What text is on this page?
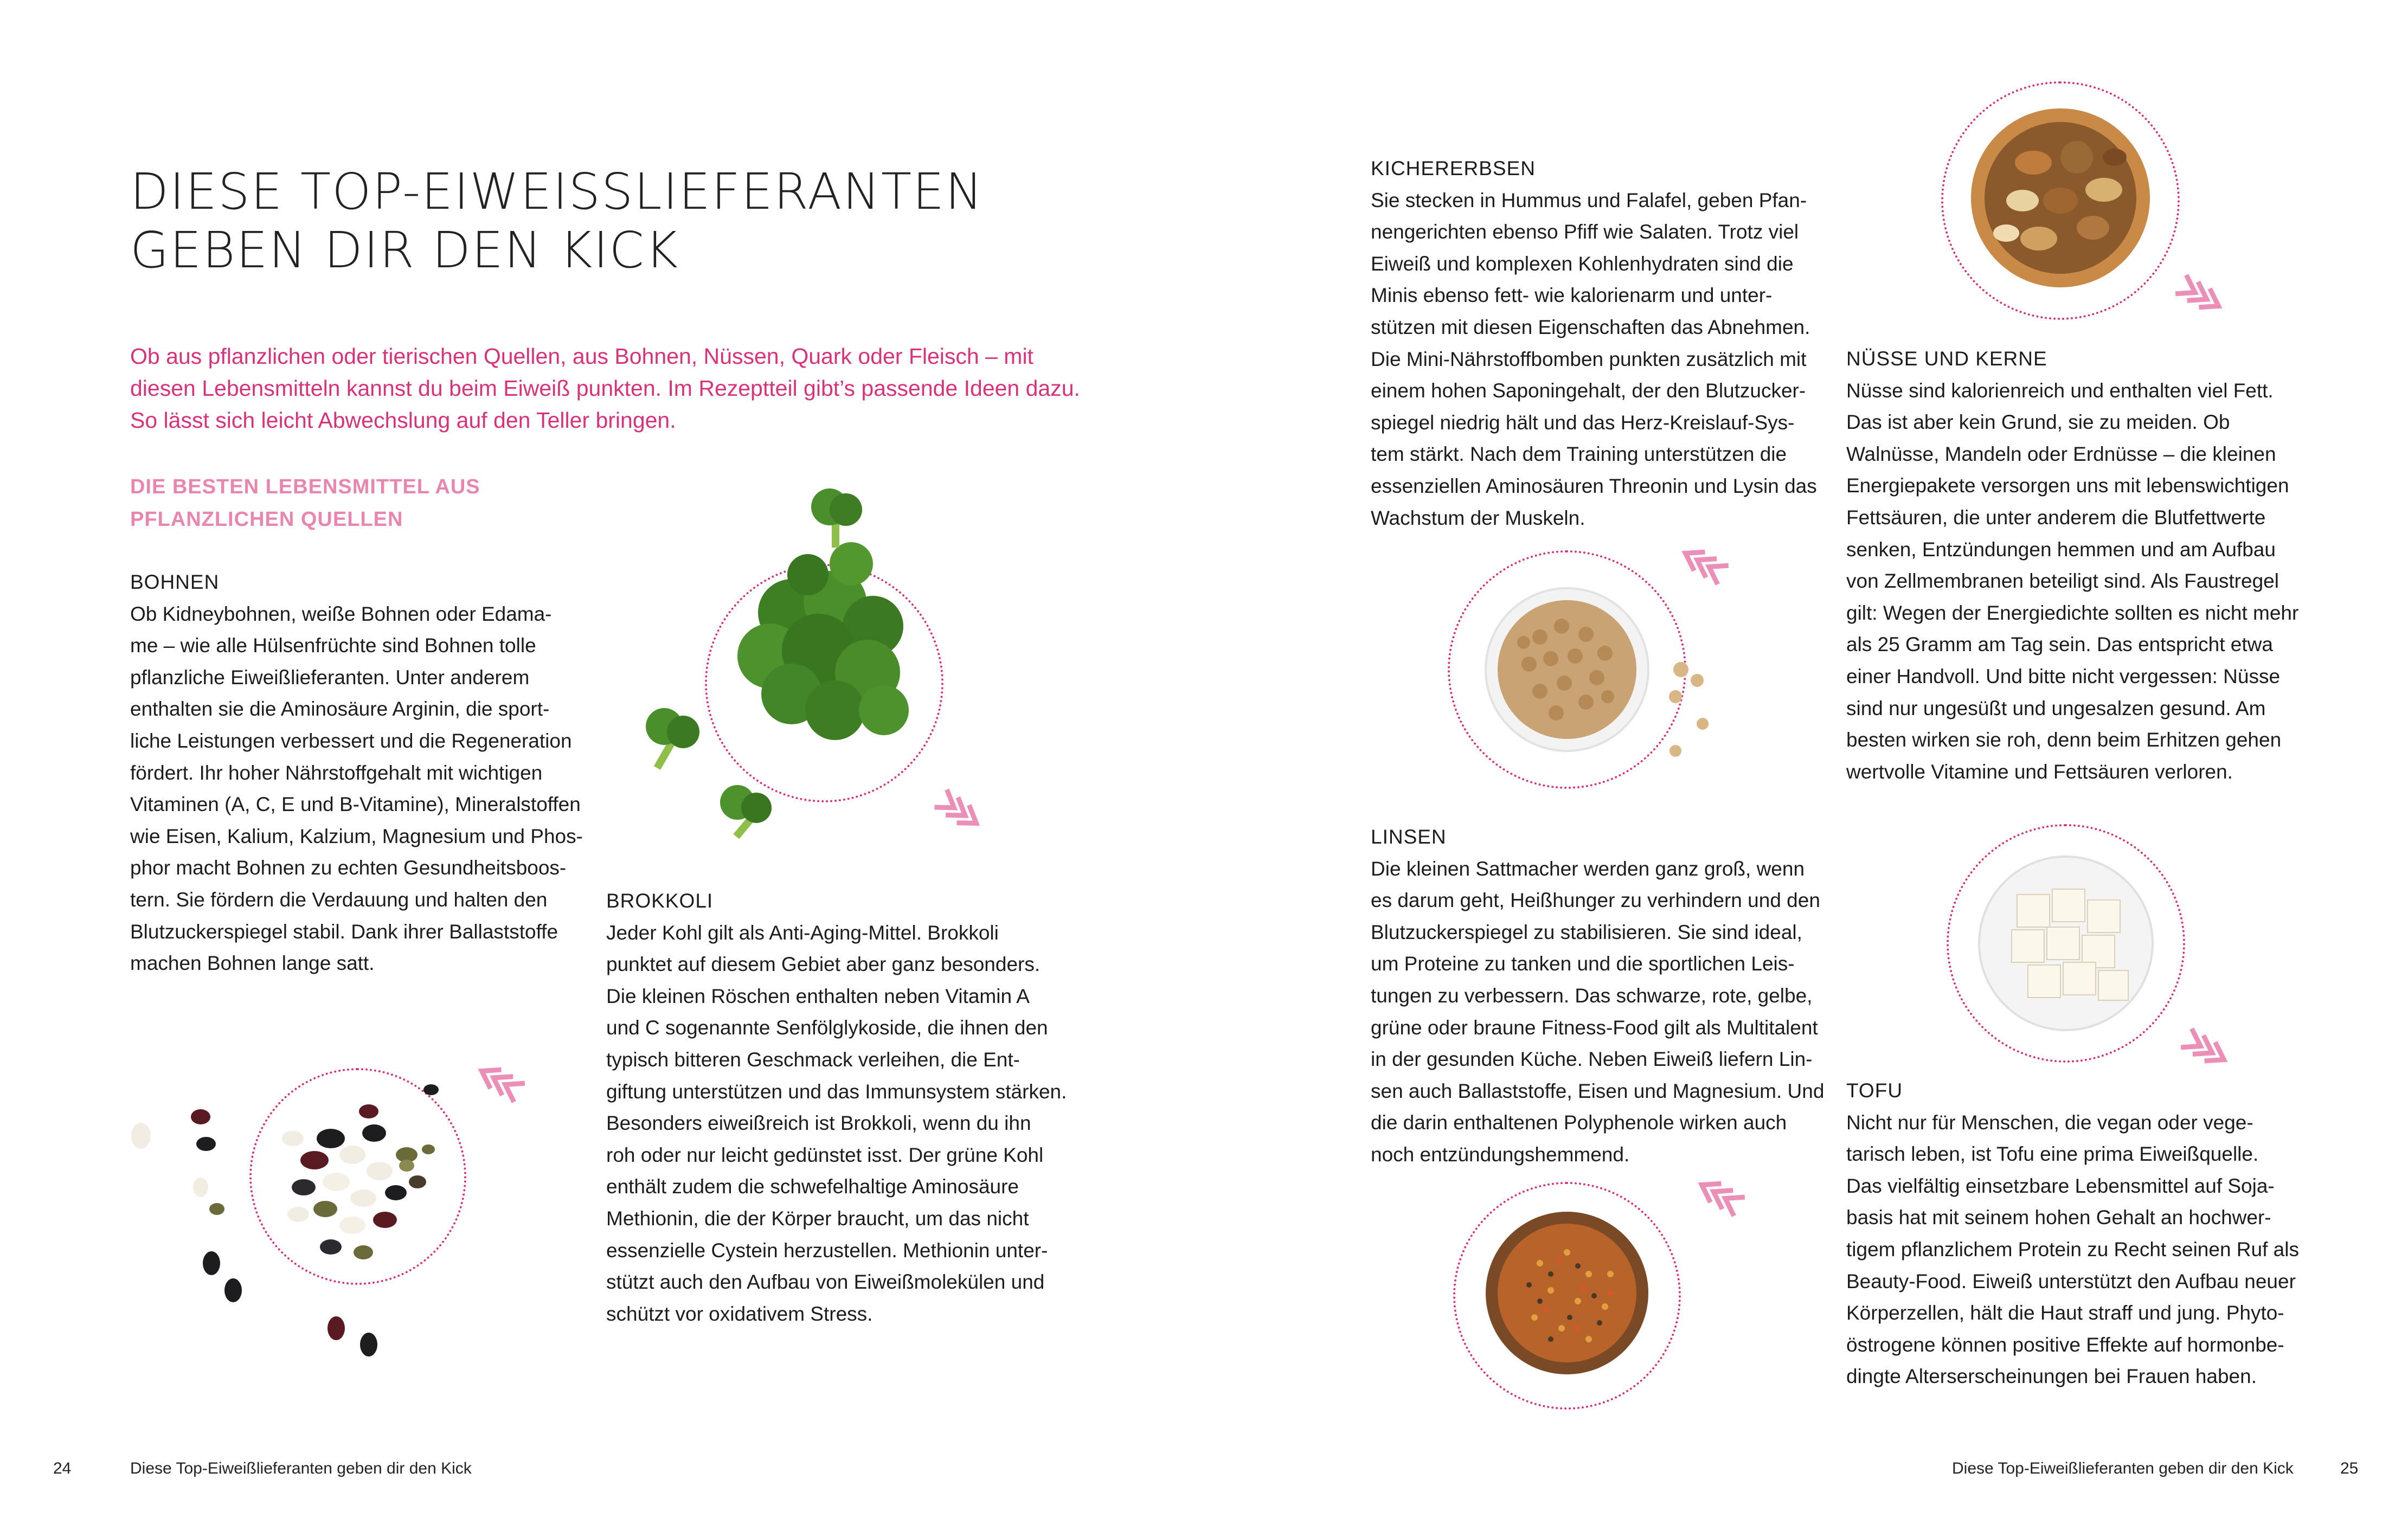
DIESE TOP-EIWEISSLIEFERANTEN
GEBEN DIR DEN KICK
Ob aus pflanzlichen oder tierischen Quellen, aus Bohnen, Nüssen, Quark oder Fleisch – mit
diesen Lebensmitteln kannst du beim Eiweiß punkten. Im Rezeptteil gibt’s passende Ideen dazu.
So lässt sich leicht Abwechslung auf den Teller bringen.
DIE BESTEN LEBENSMITTEL AUS
PFLANZLICHEN QUELLEN
BOHNEN
Ob Kidneybohnen, weiße Bohnen oder Edama-
me – wie alle Hülsenfrüchte sind Bohnen tolle
pflanzliche Eiweißlieferanten. Unter anderem
enthalten sie die Aminosäure Arginin, die sport-
liche Leistungen verbessert und die Regeneration
fördert. Ihr hoher Nährstoffgehalt mit wichtigen
Vitaminen (A, C, E und B-Vitamine), Mineralstoffen
wie Eisen, Kalium, Kalzium, Magnesium und Phos-
phor macht Bohnen zu echten Gesundheitsboos-
tern. Sie fördern die Verdauung und halten den
Blutzuckerspiegel stabil. Dank ihrer Ballaststoffe
machen Bohnen lange satt.
BROKKOLI
Jeder Kohl gilt als Anti-Aging-Mittel. Brokkoli
punktet auf diesem Gebiet aber ganz besonders.
Die kleinen Röschen enthalten neben Vitamin A
und C sogenannte Senfölglykoside, die ihnen den
typisch bitteren Geschmack verleihen, die Ent-
giftung unterstützen und das Immunsystem stärken.
Besonders eiweißreich ist Brokkoli, wenn du ihn
roh oder nur leicht gedünstet isst. Der grüne Kohl
enthält zudem die schwefelhaltige Aminosäure
Methionin, die der Körper braucht, um das nicht
essenzielle Cystein herzustellen. Methionin unter-
stützt auch den Aufbau von Eiweißmolekülen und
schützt vor oxidativem Stress.
KICHERERBSEN
Sie stecken in Hummus und Falafel, geben Pfan-
nengerichten ebenso Pfiff wie Salaten. Trotz viel
Eiweiß und komplexen Kohlenhydraten sind die
Minis ebenso fett- wie kalorienarm und unter-
stützen mit diesen Eigenschaften das Abnehmen.
Die Mini-Nährstoffbomben punkten zusätzlich mit
einem hohen Saponingehalt, der den Blutzucker-
spiegel niedrig hält und das Herz-Kreislauf-Sys-
tem stärkt. Nach dem Training unterstützen die
essenziellen Aminosäuren Threonin und Lysin das
Wachstum der Muskeln.
LINSEN
Die kleinen Sattmacher werden ganz groß, wenn
es darum geht, Heißhunger zu verhindern und den
Blutzuckerspiegel zu stabilisieren. Sie sind ideal,
um Proteine zu tanken und die sportlichen Leis-
tungen zu verbessern. Das schwarze, rote, gelbe,
grüne oder braune Fitness-Food gilt als Multitalent
in der gesunden Küche. Neben Eiweiß liefern Lin-
sen auch Ballaststoffe, Eisen und Magnesium. Und
die darin enthaltenen Polyphenole wirken auch
noch entzündungshemmend.
NÜSSE UND KERNE
Nüsse sind kalorienreich und enthalten viel Fett.
Das ist aber kein Grund, sie zu meiden. Ob
Walnüsse, Mandeln oder Erdnüsse – die kleinen
Energiepakete versorgen uns mit lebenswichtigen
Fettsäuren, die unter anderem die Blutfettwerte
senken, Entzündungen hemmen und am Aufbau
von Zellmembranen beteiligt sind. Als Faustregel
gilt: Wegen der Energiedichte sollten es nicht mehr
als 25 Gramm am Tag sein. Das entspricht etwa
einer Handvoll. Und bitte nicht vergessen: Nüsse
sind nur ungesüßt und ungesalzen gesund. Am
besten wirken sie roh, denn beim Erhitzen gehen
wertvolle Vitamine und Fettsäuren verloren.
TOFU
Nicht nur für Menschen, die vegan oder vege-
tarisch leben, ist Tofu eine prima Eiweißquelle.
Das vielfältig einsetzbare Lebensmittel auf Soja-
basis hat mit seinem hohen Gehalt an hochwer-
tigem pflanzlichem Protein zu Recht seinen Ruf als
Beauty-Food. Eiweiß unterstützt den Aufbau neuer
Körperzellen, hält die Haut straff und jung. Phyto-
östrogene können positive Effekte auf hormonbe-
dingte Alterserscheinungen bei Frauen haben.
24	Diese Top-Eiweißlieferanten geben dir den Kick	Diese Top-Eiweißlieferanten geben dir den Kick	25
